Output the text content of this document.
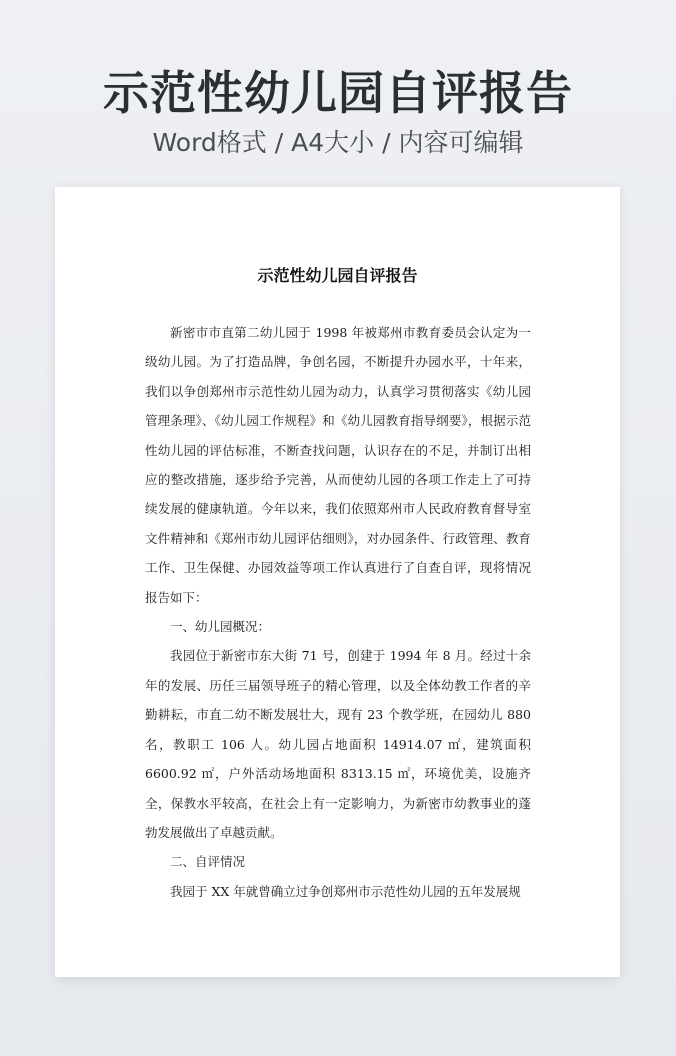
示范性幼儿园自评报告
Word格式 / A4大小 / 内容可编辑
示范性幼儿园自评报告

新密市市直第二幼儿园于 1998 年被郑州市教育委员会认定为一级幼儿园。为了打造品牌，争创名园，不断提升办园水平，十年来，我们以争创郑州市示范性幼儿园为动力，认真学习贯彻落实《幼儿园管理条理》、《幼儿园工作规程》和《幼儿园教育指导纲要》，根据示范性幼儿园的评估标准，不断查找问题，认识存在的不足，并制订出相应的整改措施，逐步给予完善，从而使幼儿园的各项工作走上了可持续发展的健康轨道。今年以来，我们依照郑州市人民政府教育督导室文件精神和《郑州市幼儿园评估细则》，对办园条件、行政管理、教育工作、卫生保健、办园效益等项工作认真进行了自查自评，现将情况报告如下：

一、幼儿园概况：

我园位于新密市东大街 71 号，创建于 1994 年 8 月。经过十余年的发展、历任三届领导班子的精心管理，以及全体幼教工作者的辛勤耕耘，市直二幼不断发展壮大，现有 23 个教学班，在园幼儿 880 名，教职工 106 人。幼儿园占地面积 14914.07 ㎡，建筑面积 6600.92 ㎡，户外活动场地面积 8313.15 ㎡，环境优美，设施齐全，保教水平较高，在社会上有一定影响力，为新密市幼教事业的蓬勃发展做出了卓越贡献。

二、自评情况

我园于 XX 年就曾确立过争创郑州市示范性幼儿园的五年发展规
